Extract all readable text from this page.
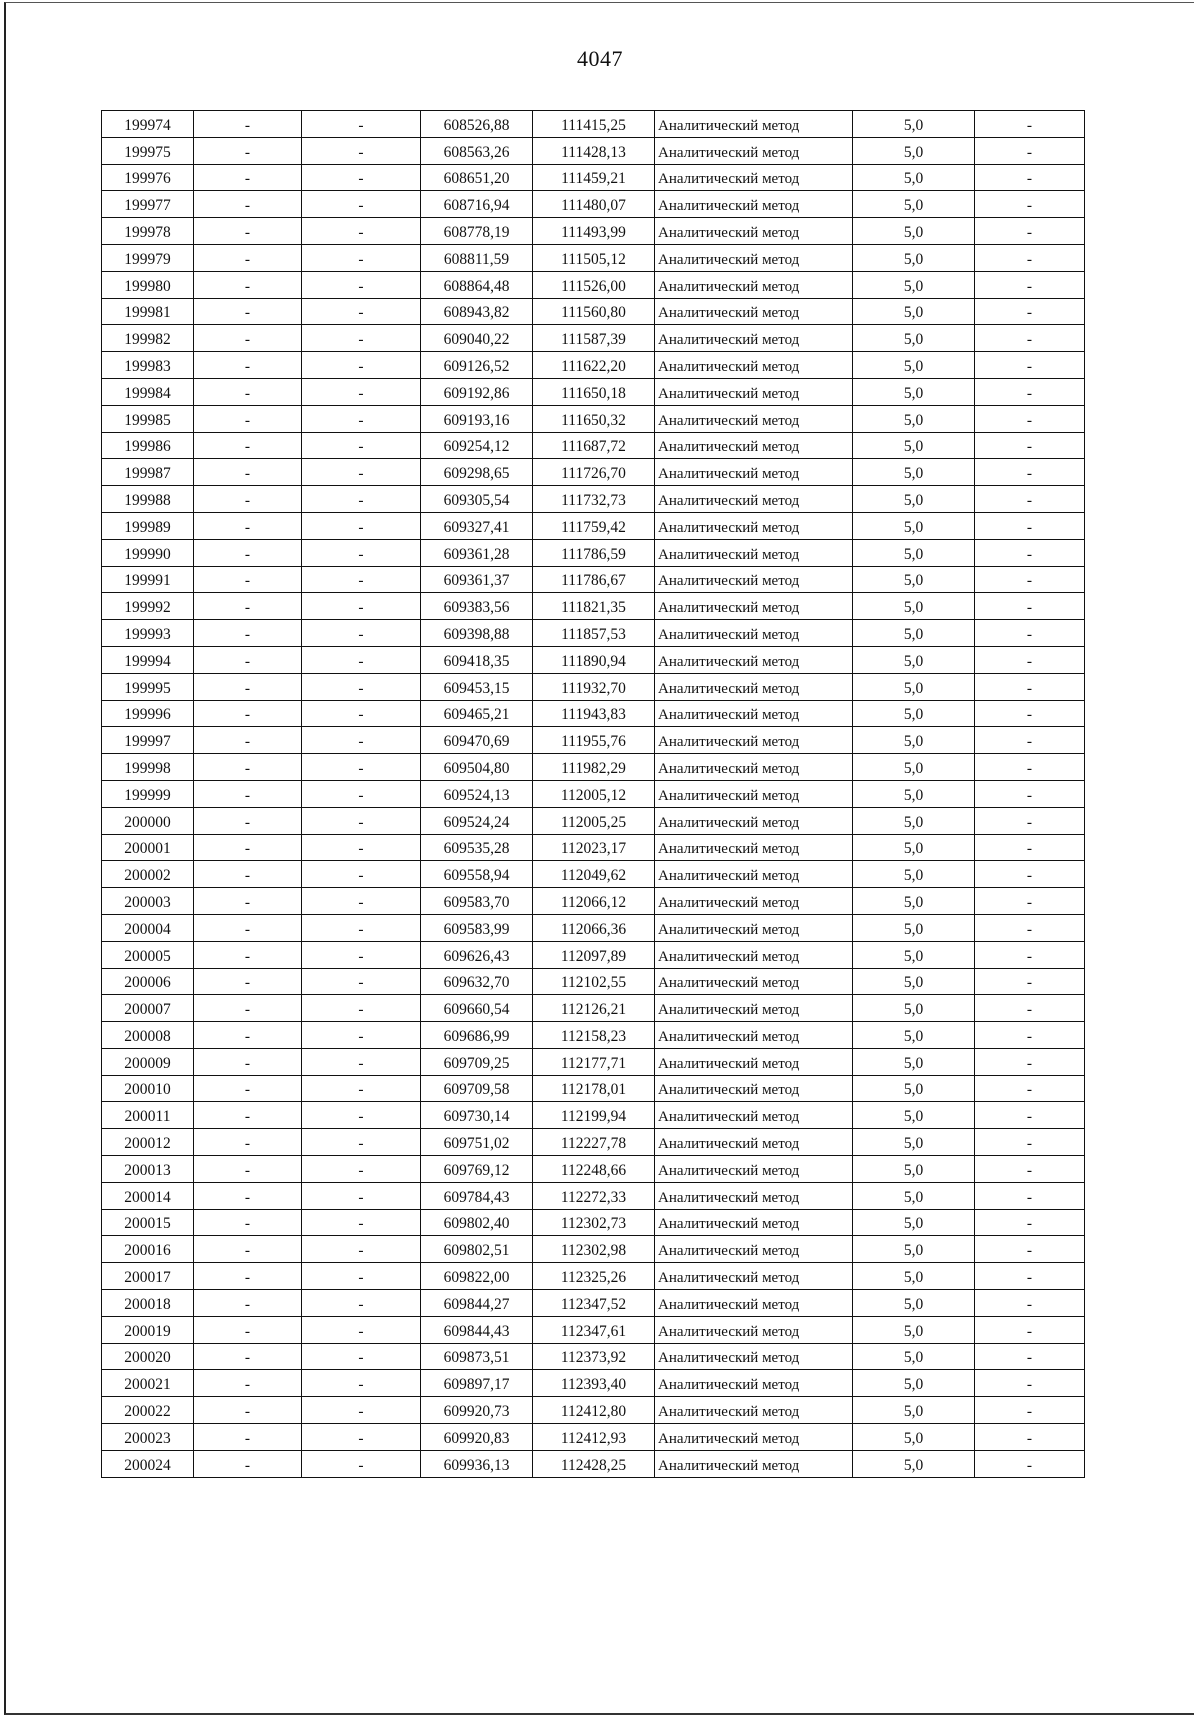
4047
199974	-	-	608526,88	111415,25	Аналитический метод	5,0	-
199975	-	-	608563,26	111428,13	Аналитический метод	5,0	-
199976	-	-	608651,20	111459,21	Аналитический метод	5,0	-
199977	-	-	608716,94	111480,07	Аналитический метод	5,0	-
199978	-	-	608778,19	111493,99	Аналитический метод	5,0	-
199979	-	-	608811,59	111505,12	Аналитический метод	5,0	-
199980	-	-	608864,48	111526,00	Аналитический метод	5,0	-
199981	-	-	608943,82	111560,80	Аналитический метод	5,0	-
199982	-	-	609040,22	111587,39	Аналитический метод	5,0	-
199983	-	-	609126,52	111622,20	Аналитический метод	5,0	-
199984	-	-	609192,86	111650,18	Аналитический метод	5,0	-
199985	-	-	609193,16	111650,32	Аналитический метод	5,0	-
199986	-	-	609254,12	111687,72	Аналитический метод	5,0	-
199987	-	-	609298,65	111726,70	Аналитический метод	5,0	-
199988	-	-	609305,54	111732,73	Аналитический метод	5,0	-
199989	-	-	609327,41	111759,42	Аналитический метод	5,0	-
199990	-	-	609361,28	111786,59	Аналитический метод	5,0	-
199991	-	-	609361,37	111786,67	Аналитический метод	5,0	-
199992	-	-	609383,56	111821,35	Аналитический метод	5,0	-
199993	-	-	609398,88	111857,53	Аналитический метод	5,0	-
199994	-	-	609418,35	111890,94	Аналитический метод	5,0	-
199995	-	-	609453,15	111932,70	Аналитический метод	5,0	-
199996	-	-	609465,21	111943,83	Аналитический метод	5,0	-
199997	-	-	609470,69	111955,76	Аналитический метод	5,0	-
199998	-	-	609504,80	111982,29	Аналитический метод	5,0	-
199999	-	-	609524,13	112005,12	Аналитический метод	5,0	-
200000	-	-	609524,24	112005,25	Аналитический метод	5,0	-
200001	-	-	609535,28	112023,17	Аналитический метод	5,0	-
200002	-	-	609558,94	112049,62	Аналитический метод	5,0	-
200003	-	-	609583,70	112066,12	Аналитический метод	5,0	-
200004	-	-	609583,99	112066,36	Аналитический метод	5,0	-
200005	-	-	609626,43	112097,89	Аналитический метод	5,0	-
200006	-	-	609632,70	112102,55	Аналитический метод	5,0	-
200007	-	-	609660,54	112126,21	Аналитический метод	5,0	-
200008	-	-	609686,99	112158,23	Аналитический метод	5,0	-
200009	-	-	609709,25	112177,71	Аналитический метод	5,0	-
200010	-	-	609709,58	112178,01	Аналитический метод	5,0	-
200011	-	-	609730,14	112199,94	Аналитический метод	5,0	-
200012	-	-	609751,02	112227,78	Аналитический метод	5,0	-
200013	-	-	609769,12	112248,66	Аналитический метод	5,0	-
200014	-	-	609784,43	112272,33	Аналитический метод	5,0	-
200015	-	-	609802,40	112302,73	Аналитический метод	5,0	-
200016	-	-	609802,51	112302,98	Аналитический метод	5,0	-
200017	-	-	609822,00	112325,26	Аналитический метод	5,0	-
200018	-	-	609844,27	112347,52	Аналитический метод	5,0	-
200019	-	-	609844,43	112347,61	Аналитический метод	5,0	-
200020	-	-	609873,51	112373,92	Аналитический метод	5,0	-
200021	-	-	609897,17	112393,40	Аналитический метод	5,0	-
200022	-	-	609920,73	112412,80	Аналитический метод	5,0	-
200023	-	-	609920,83	112412,93	Аналитический метод	5,0	-
200024	-	-	609936,13	112428,25	Аналитический метод	5,0	-
